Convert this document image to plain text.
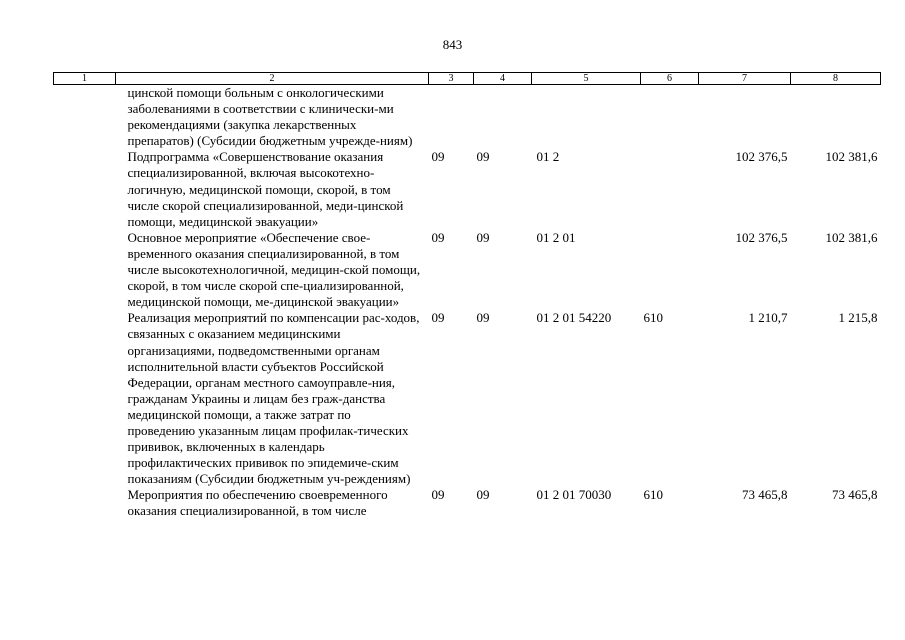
843
1	2	3	4	5	6	7	8
	цинской помощи больным с онкологическими заболеваниями в соответствии с клинически-ми рекомендациями (закупка лекарственных препаратов) (Субсидии бюджетным учрежде-ниям)						
	Подпрограмма «Совершенствование оказания специализированной, включая высокотехно-логичную, медицинской помощи, скорой, в том числе скорой специализированной, меди-цинской помощи, медицинской эвакуации»	09	09	01 2		102 376,5	102 381,6
	Основное мероприятие «Обеспечение свое-временного оказания специализированной, в том числе высокотехнологичной, медицин-ской помощи, скорой, в том числе скорой спе-циализированной, медицинской помощи, ме-дицинской эвакуации»	09	09	01 2 01		102 376,5	102 381,6
	Реализация мероприятий по компенсации рас-ходов, связанных с оказанием медицинскими организациями, подведомственными органам исполнительной власти субъектов Российской Федерации, органам местного самоуправле-ния, гражданам Украины и лицам без граж-данства медицинской помощи, а также затрат по проведению указанным лицам профилак-тических прививок, включенных в календарь профилактических прививок по эпидемиче-ским показаниям (Субсидии бюджетным уч-реждениям)	09	09	01 2 01 54220	610	1 210,7	1 215,8
	Мероприятия по обеспечению своевременного оказания специализированной, в том числе	09	09	01 2 01 70030	610	73 465,8	73 465,8
